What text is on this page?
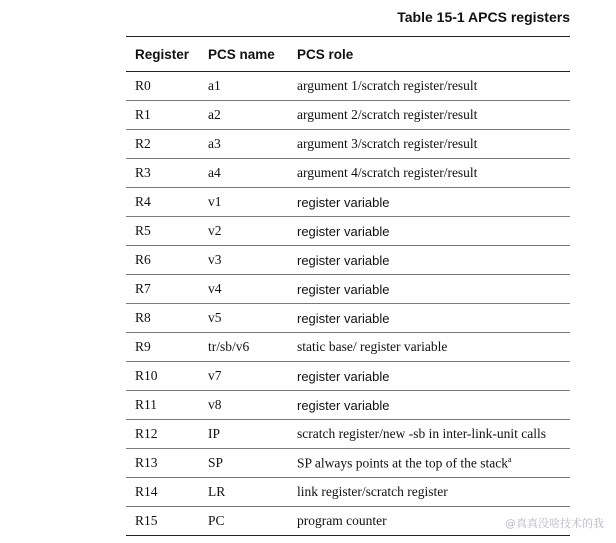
Table 15-1 APCS registers
Register	PCS name	PCS role
R0	a1	argument 1/scratch register/result
R1	a2	argument 2/scratch register/result
R2	a3	argument 3/scratch register/result
R3	a4	argument 4/scratch register/result
R4	v1	register variable
R5	v2	register variable
R6	v3	register variable
R7	v4	register variable
R8	v5	register variable
R9	tr/sb/v6	static base/ register variable
R10	v7	register variable
R11	v8	register variable
R12	IP	scratch register/new -sb in inter-link-unit calls
R13	SP	SP always points at the top of the stack$^a$
R14	LR	link register/scratch register
R15	PC	program counter	@真真没啥技术的我
